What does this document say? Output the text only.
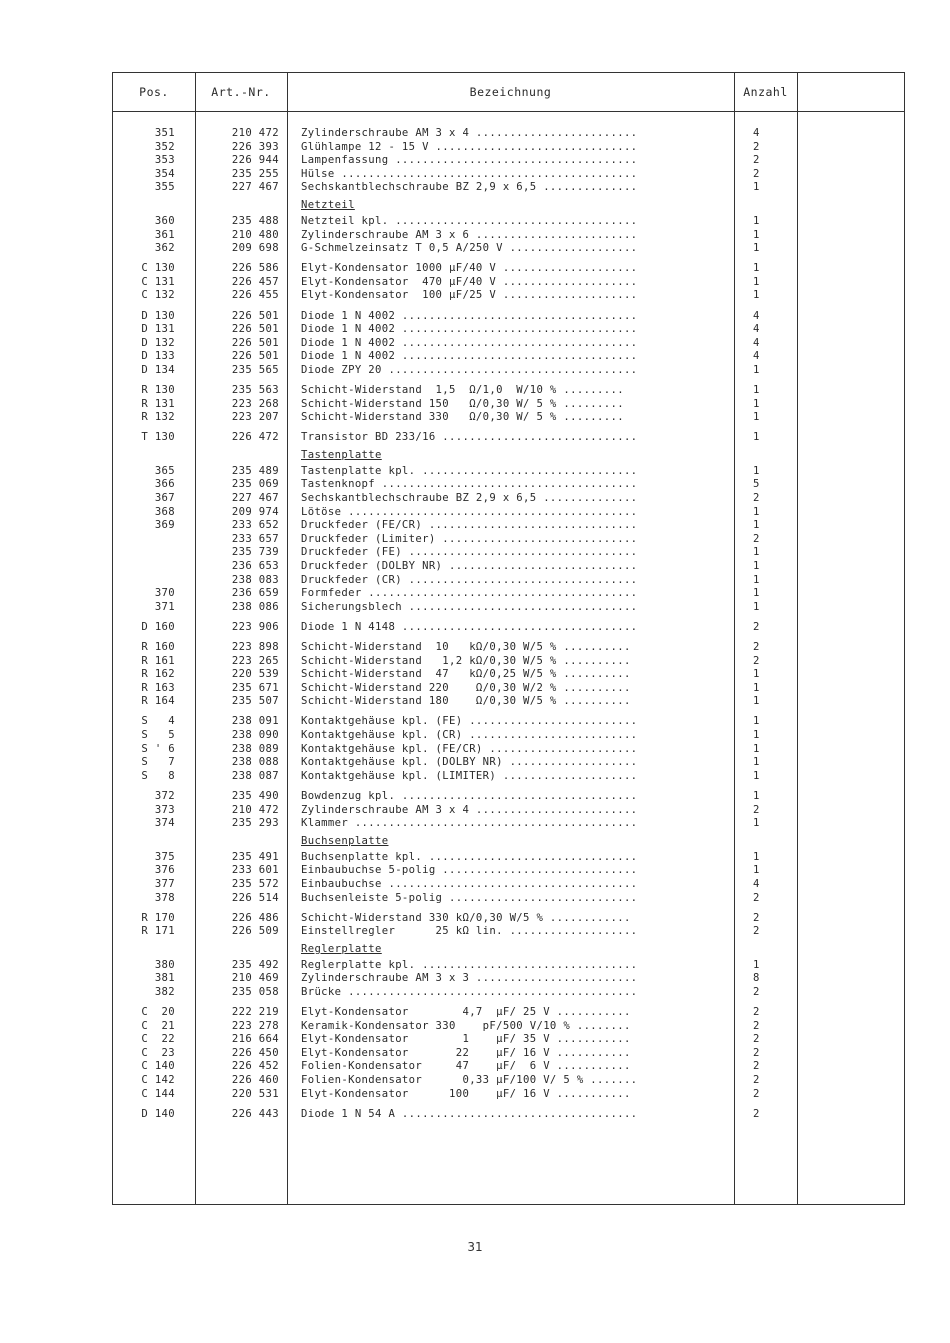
Pos.	Art.-Nr.	Bezeichnung	Anzahl
351	210 472 Zylinderschraube AM 3 x 4 ........................	4
352	226 393 Glühlampe 12 - 15 V ..............................	2
353	226 944 Lampenfassung ....................................	2
354	235 255 Hülse ............................................	2
355	227 467 Sechskantblechschraube BZ 2,9 x 6,5 ..............	1
Netzteil
360	235 488 Netzteil kpl. ....................................	1
361	210 480 Zylinderschraube AM 3 x 6 ........................	1
362	209 698 G-Schmelzeinsatz T 0,5 A/250 V ...................	1
C 130	226 586 Elyt-Kondensator 1000 µF/40 V ....................	1
C 131	226 457 Elyt-Kondensator  470 µF/40 V ....................	1
C 132	226 455 Elyt-Kondensator  100 µF/25 V ....................	1
D 130	226 501 Diode 1 N 4002 ...................................	4
D 131	226 501 Diode 1 N 4002 ...................................	4
D 132	226 501 Diode 1 N 4002 ...................................	4
D 133	226 501 Diode 1 N 4002 ...................................	4
D 134	235 565 Diode ZPY 20 .....................................	1
R 130	235 563 Schicht-Widerstand  1,5  Ω/1,0  W/10 % .........	1
R 131	223 268 Schicht-Widerstand 150   Ω/0,30 W/ 5 % .........	1
R 132	223 207 Schicht-Widerstand 330   Ω/0,30 W/ 5 % .........	1
T 130	226 472 Transistor BD 233/16 .............................	1
Tastenplatte
365	235 489 Tastenplatte kpl. ................................	1
366	235 069 Tastenknopf ......................................	5
367	227 467 Sechskantblechschraube BZ 2,9 x 6,5 ..............	2
368	209 974 Lötöse ...........................................	1
369	233 652 Druckfeder (FE/CR) ...............................	1
233 657 Druckfeder (Limiter) .............................	2
235 739 Druckfeder (FE) ..................................	1
236 653 Druckfeder (DOLBY NR) ............................	1
238 083 Druckfeder (CR) ..................................	1
370	236 659 Formfeder ........................................	1
371	238 086 Sicherungsblech ..................................	1
D 160	223 906 Diode 1 N 4148 ...................................	2
R 160	223 898 Schicht-Widerstand  10   kΩ/0,30 W/5 % ..........	2
R 161	223 265 Schicht-Widerstand   1,2 kΩ/0,30 W/5 % ..........	2
R 162	220 539 Schicht-Widerstand  47   kΩ/0,25 W/5 % ..........	1
R 163	235 671 Schicht-Widerstand 220    Ω/0,30 W/2 % ..........	1
R 164	235 507 Schicht-Widerstand 180    Ω/0,30 W/5 % ..........	1
S   4	238 091 Kontaktgehäuse kpl. (FE) .........................	1
S   5	238 090 Kontaktgehäuse kpl. (CR) .........................	1
S ' 6	238 089 Kontaktgehäuse kpl. (FE/CR) ......................	1
S   7	238 088 Kontaktgehäuse kpl. (DOLBY NR) ...................	1
S   8	238 087 Kontaktgehäuse kpl. (LIMITER) ....................	1
372	235 490 Bowdenzug kpl. ...................................	1
373	210 472 Zylinderschraube AM 3 x 4 ........................	2
374	235 293 Klammer ..........................................	1
Buchsenplatte
375	235 491 Buchsenplatte kpl. ...............................	1
376	233 601 Einbaubuchse 5-polig .............................	1
377	235 572 Einbaubuchse .....................................	4
378	226 514 Buchsenleiste 5-polig ............................	2
R 170	226 486 Schicht-Widerstand 330 kΩ/0,30 W/5 % ............	2
R 171	226 509 Einstellregler      25 kΩ lin. ...................	2
Reglerplatte
380	235 492 Reglerplatte kpl. ................................	1
381	210 469 Zylinderschraube AM 3 x 3 ........................	8
382	235 058 Brücke ...........................................	2
C  20	222 219 Elyt-Kondensator        4,7  µF/ 25 V ...........	2
C  21	223 278 Keramik-Kondensator 330    pF/500 V/10 % ........	2
C  22	216 664 Elyt-Kondensator        1    µF/ 35 V ...........	2
C  23	226 450 Elyt-Kondensator       22    µF/ 16 V ...........	2
C 140	226 452 Folien-Kondensator     47    µF/  6 V ...........	2
C 142	226 460 Folien-Kondensator      0,33 µF/100 V/ 5 % .......	2
C 144	220 531 Elyt-Kondensator      100    µF/ 16 V ...........	2
D 140	226 443 Diode 1 N 54 A ...................................	2
31
